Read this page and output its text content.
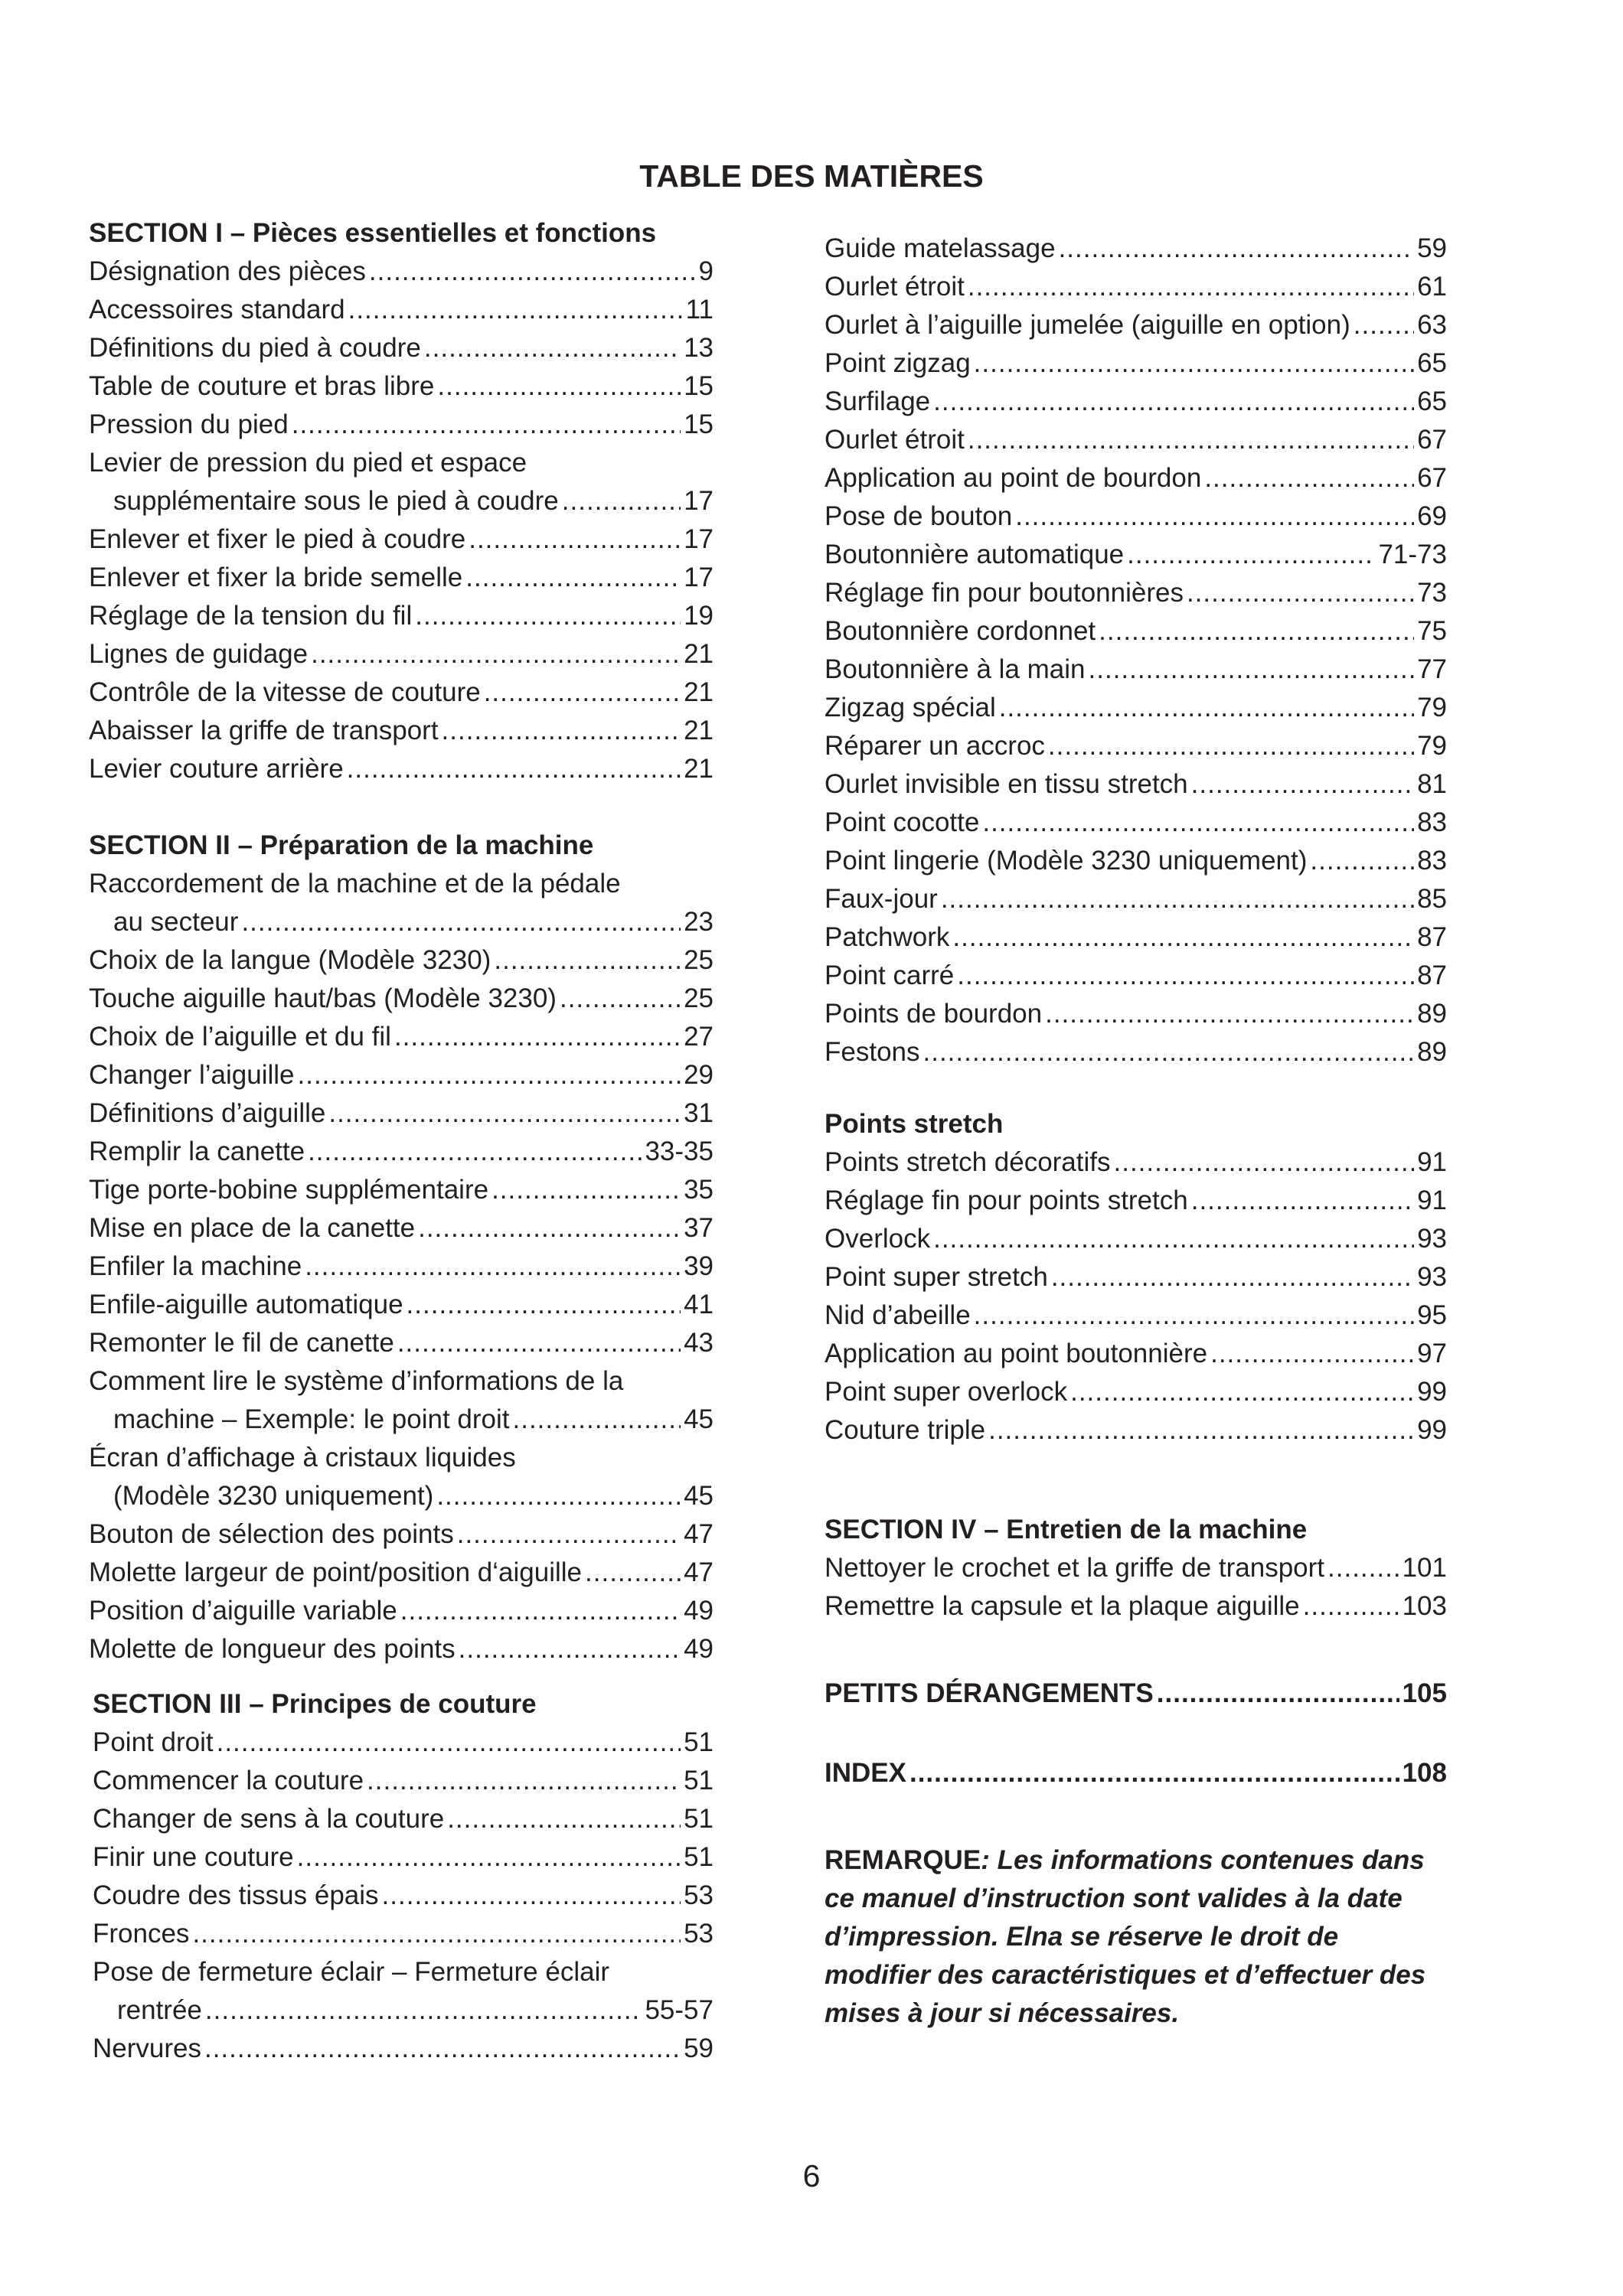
TABLE DES MATIÈRES
SECTION I – Pièces essentielles et fonctions
Désignation des pièces .....	9
Accessoires standard .....	11
Définitions du pied à coudre .....	13
Table de couture et bras libre .....	15
Pression du pied .....	15
Levier de pression du pied et espace
supplémentaire sous le pied à coudre .....	17
Enlever et fixer le pied à coudre .....	17
Enlever et fixer la bride semelle .....	17
Réglage de la tension du fil .....	19
Lignes de guidage .....	21
Contrôle de la vitesse de couture .....	21
Abaisser la griffe de transport .....	21
Levier couture arrière .....	21
SECTION II – Préparation de la machine
Raccordement de la machine et de la pédale
au secteur .....	23
Choix de la langue (Modèle 3230) .....	25
Touche aiguille haut/bas (Modèle 3230) .....	25
Choix de l’aiguille et du fil .....	27
Changer l’aiguille .....	29
Définitions d’aiguille .....	31
Remplir la canette .....	33-35
Tige porte-bobine supplémentaire .....	35
Mise en place de la canette .....	37
Enfiler la machine .....	39
Enfile-aiguille automatique .....	41
Remonter le fil de canette .....	43
Comment lire le système d’informations de la
machine – Exemple: le point droit .....	45
Écran d’affichage à cristaux liquides
(Modèle 3230 uniquement) .....	45
Bouton de sélection des points .....	47
Molette largeur de point/position d‘aiguille .....	47
Position d’aiguille variable .....	49
Molette de longueur des points .....	49
SECTION III – Principes de couture
Point droit .....	51
Commencer la couture .....	51
Changer de sens à la couture .....	51
Finir une couture .....	51
Coudre des tissus épais .....	53
Fronces .....	53
Pose de fermeture éclair – Fermeture éclair
rentrée .....	55-57
Nervures .....	59
Guide matelassage .....	59
Ourlet étroit .....	61
Ourlet à l’aiguille jumelée (aiguille en option) ..... 63
Point zigzag .....	65
Surfilage .....	65
Ourlet étroit .....	67
Application au point de bourdon .....	67
Pose de bouton .....	69
Boutonnière automatique .....	71-73
Réglage fin pour boutonnières .....	73
Boutonnière cordonnet .....	75
Boutonnière à la main .....	77
Zigzag spécial .....	79
Réparer un accroc .....	79
Ourlet invisible en tissu stretch .....	81
Point cocotte .....	83
Point lingerie (Modèle 3230 uniquement) .....	83
Faux-jour .....	85
Patchwork .....	87
Point carré .....	87
Points de bourdon .....	89
Festons .....	89
Points stretch
Points stretch décoratifs .....	91
Réglage fin pour points stretch .....	91
Overlock .....	93
Point super stretch .....	93
Nid d’abeille .....	95
Application au point boutonnière .....	97
Point super overlock .....	99
Couture triple .....	99
SECTION IV – Entretien de la machine
Nettoyer le crochet et la griffe de transport .....	101
Remettre la capsule et la plaque aiguille .....	103
PETITS DÉRANGEMENTS .....	105
INDEX .....	108
REMARQUE: Les informations contenues dans ce manuel d’instruction sont valides à la date d’impression. Elna se réserve le droit de modifier des caractéristiques et d’effectuer des mises à jour si nécessaires.
6
